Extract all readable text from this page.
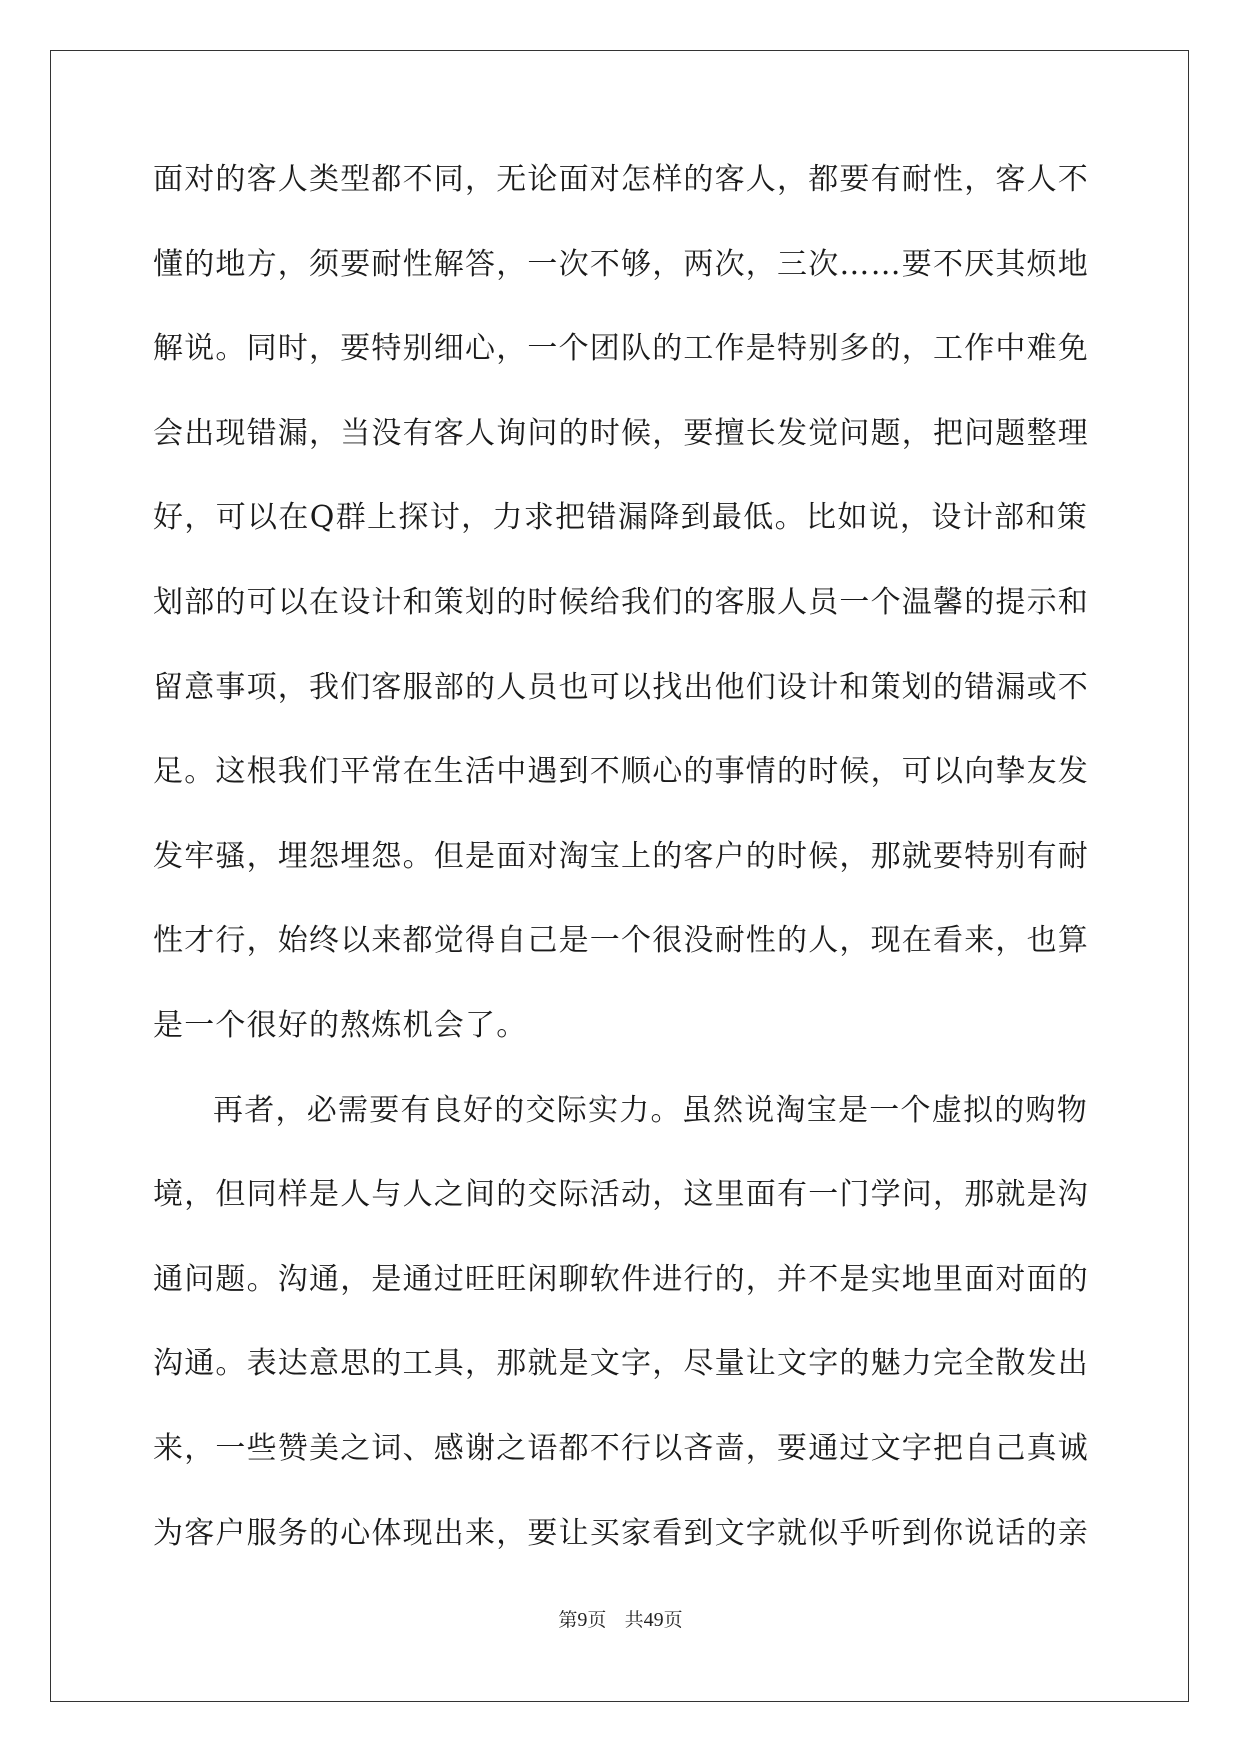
面对的客人类型都不同，无论面对怎样的客人，都要有耐性，客人不
懂的地方，须要耐性解答，一次不够，两次，三次……要不厌其烦地
解说。同时，要特别细心，一个团队的工作是特别多的，工作中难免
会出现错漏，当没有客人询问的时候，要擅长发觉问题，把问题整理
好，可以在Q群上探讨，力求把错漏降到最低。比如说，设计部和策
划部的可以在设计和策划的时候给我们的客服人员一个温馨的提示和
留意事项，我们客服部的人员也可以找出他们设计和策划的错漏或不
足。这根我们平常在生活中遇到不顺心的事情的时候，可以向挚友发
发牢骚，埋怨埋怨。但是面对淘宝上的客户的时候，那就要特别有耐
性才行，始终以来都觉得自己是一个很没耐性的人，现在看来，也算
是一个很好的熬炼机会了。
再者，必需要有良好的交际实力。虽然说淘宝是一个虚拟的购物
境，但同样是人与人之间的交际活动，这里面有一门学问，那就是沟
通问题。沟通，是通过旺旺闲聊软件进行的，并不是实地里面对面的
沟通。表达意思的工具，那就是文字，尽量让文字的魅力完全散发出
来，一些赞美之词、感谢之语都不行以吝啬，要通过文字把自己真诚
为客户服务的心体现出来，要让买家看到文字就似乎听到你说话的亲
第9页 共49页
